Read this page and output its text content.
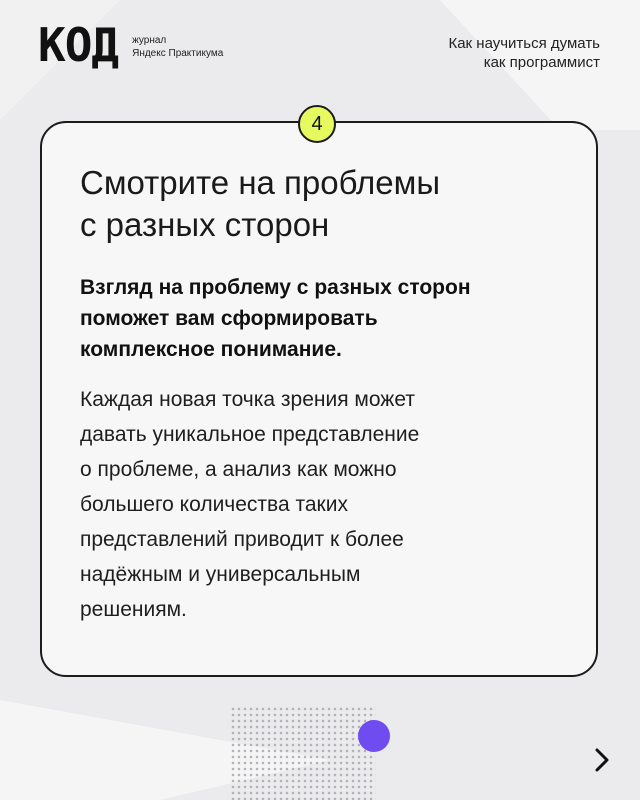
КОД журнал
Яндекс Практикума
Как научиться думать
как программист
4
Смотрите на проблемы
с разных сторон
Взгляд на проблему с разных сторон
поможет вам сформировать
комплексное понимание.
Каждая новая точка зрения может
давать уникальное представление
о проблеме, а анализ как можно
большего количества таких
представлений приводит к более
надёжным и универсальным
решениям.
